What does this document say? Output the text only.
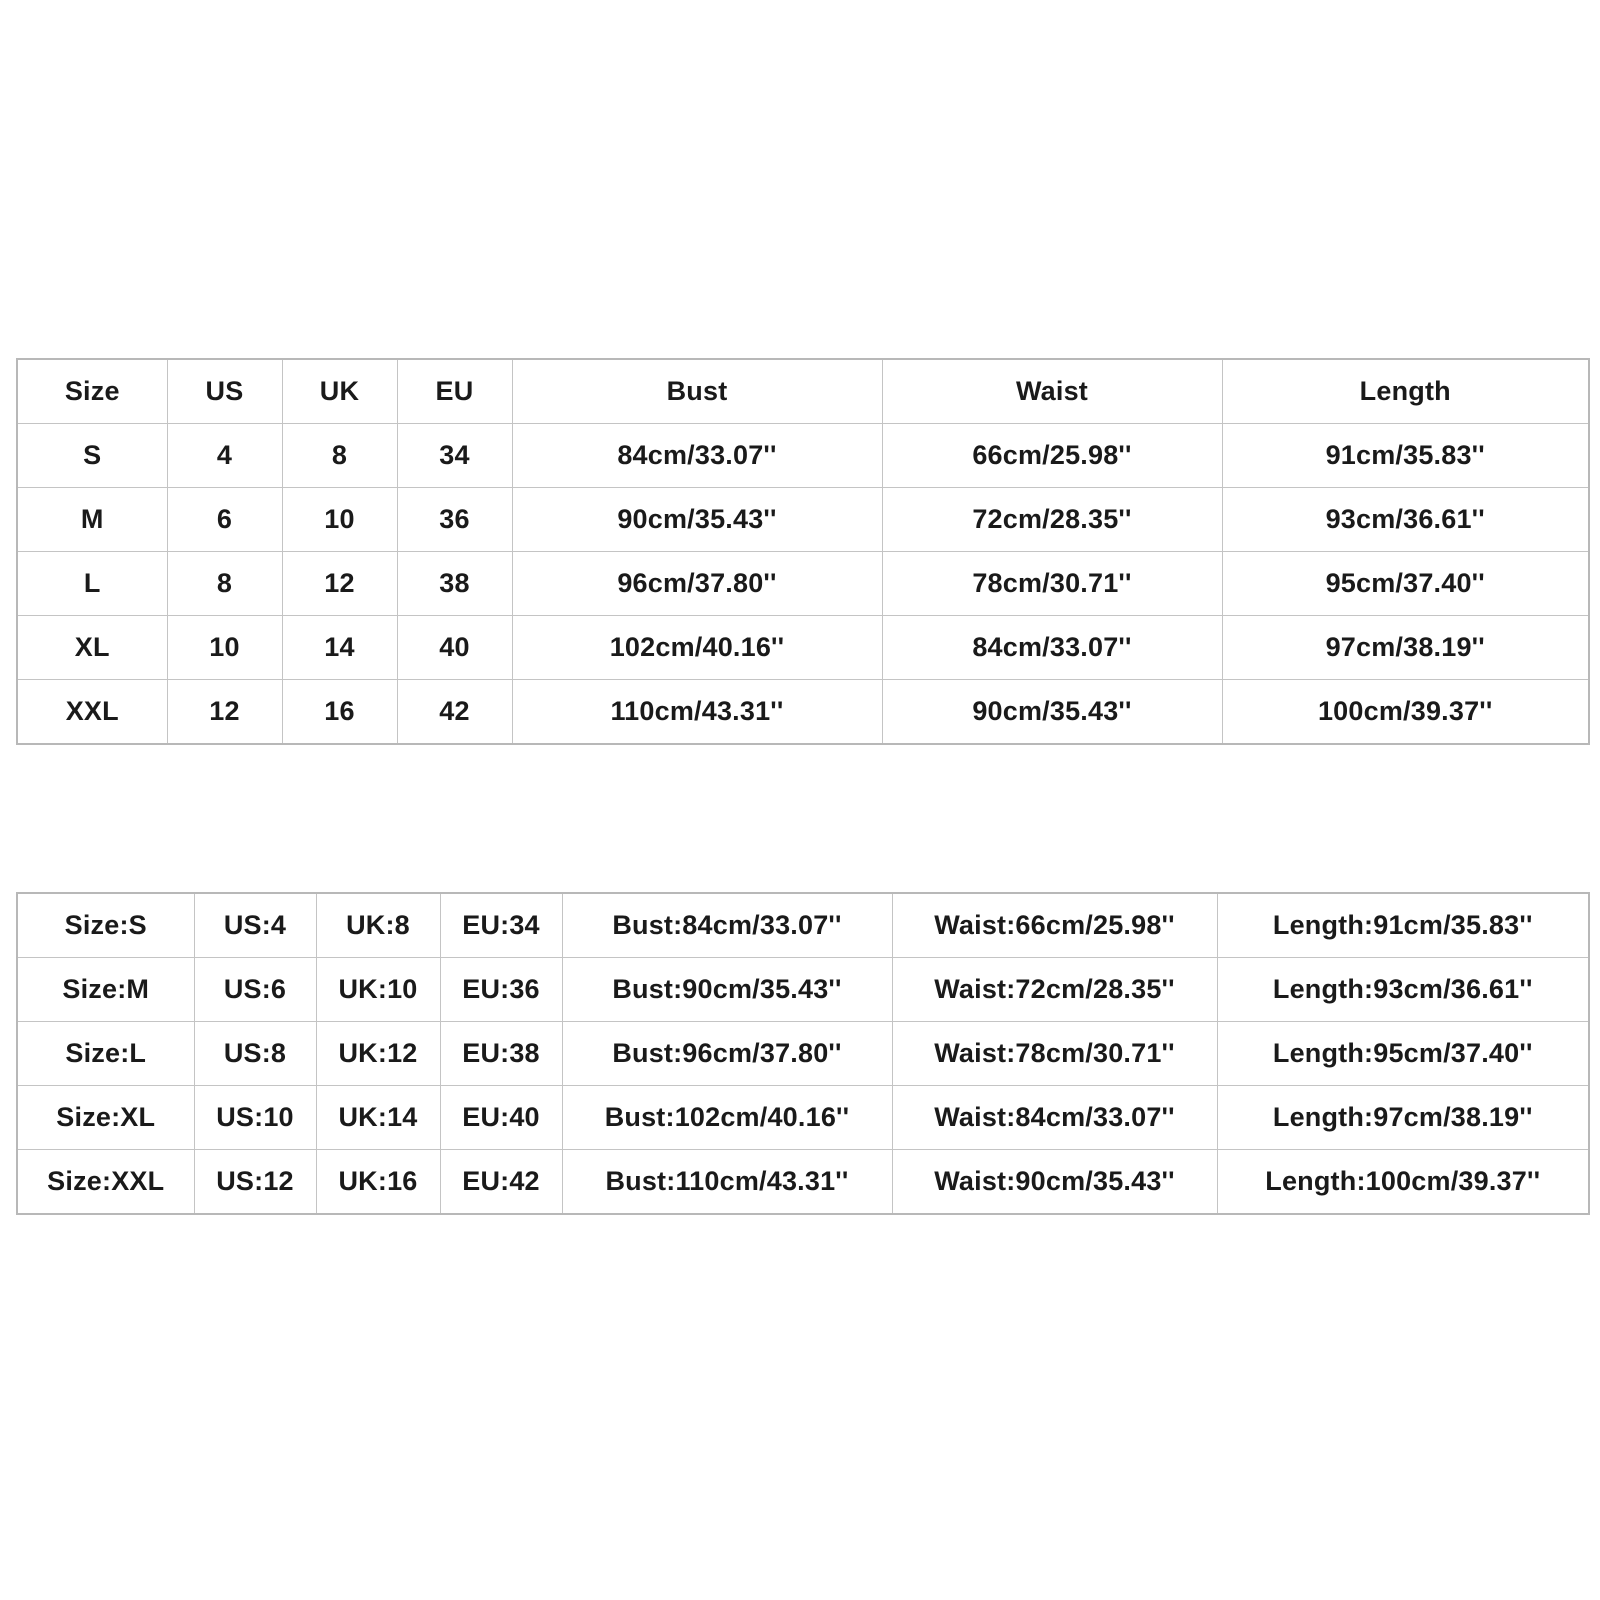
Size	US	UK	EU	Bust	Waist	Length
S	4	8	34	84cm/33.07''	66cm/25.98''	91cm/35.83''
M	6	10	36	90cm/35.43''	72cm/28.35''	93cm/36.61''
L	8	12	38	96cm/37.80''	78cm/30.71''	95cm/37.40''
XL	10	14	40	102cm/40.16''	84cm/33.07''	97cm/38.19''
XXL	12	16	42	110cm/43.31''	90cm/35.43''	100cm/39.37''
Size:S	US:4	UK:8	EU:34	Bust:84cm/33.07''	Waist:66cm/25.98''	Length:91cm/35.83''
Size:M	US:6	UK:10	EU:36	Bust:90cm/35.43''	Waist:72cm/28.35''	Length:93cm/36.61''
Size:L	US:8	UK:12	EU:38	Bust:96cm/37.80''	Waist:78cm/30.71''	Length:95cm/37.40''
Size:XL	US:10	UK:14	EU:40	Bust:102cm/40.16''	Waist:84cm/33.07''	Length:97cm/38.19''
Size:XXL	US:12	UK:16	EU:42	Bust:110cm/43.31''	Waist:90cm/35.43''	Length:100cm/39.37''
